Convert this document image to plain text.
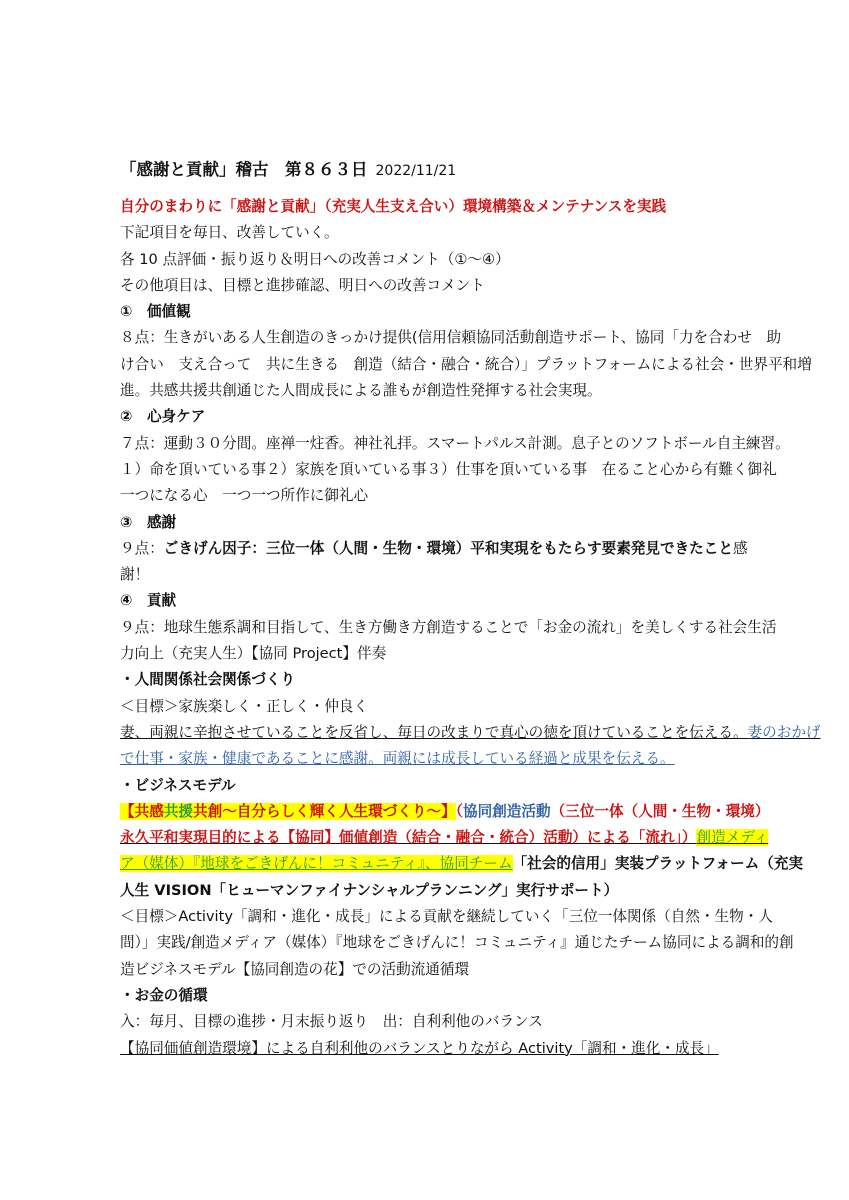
「感謝と貢献」稽古　第８６３日 2022/11/21
自分のまわりに「感謝と貢献」（充実人生支え合い）環境構築＆メンテナンスを実践
下記項目を毎日、改善していく。
各 10 点評価・振り返り＆明日への改善コメント（①～④）
その他項目は、目標と進捗確認、明日への改善コメント
①　価値観
８点：生きがいある人生創造のきっかけ提供(信用信頼協同活動創造サポート、協同「力を合わせ　助
け合い　支え合って　共に生きる　創造（結合・融合・統合）」プラットフォームによる社会・世界平和増
進。共感共援共創通じた人間成長による誰もが創造性発揮する社会実現。
②　心身ケア
７点：運動３０分間。座禅一炷香。神社礼拝。スマートパルス計測。息子とのソフトボール自主練習。
１）命を頂いている事２）家族を頂いている事３）仕事を頂いている事　在ること心から有難く御礼
一つになる心　一つ一つ所作に御礼心
③　感謝
９点：ごきげん因子：三位一体（人間・生物・環境）平和実現をもたらす要素発見できたこと感
謝！
④　貢献
９点：地球生態系調和目指して、生き方働き方創造することで「お金の流れ」を美しくする社会生活
力向上（充実人生）【協同 Project】伴奏
・人間関係社会関係づくり
＜目標＞家族楽しく・正しく・仲良く
妻、両親に辛抱させていることを反省し、毎日の改まりで真心の徳を頂けていることを伝える。妻のおかげ
で仕事・家族・健康であることに感謝。両親には成長している経過と成果を伝える。
・ビジネスモデル
【共感共援共創～自分らしく輝く人生環づくり～】（協同創造活動（三位一体（人間・生物・環境）
永久平和実現目的による【協同】価値創造（結合・融合・統合）活動）による「流れ」）創造メディ
ア（媒体）『地球をごきげんに！コミュニティ』、協同チーム「社会的信用」実装プラットフォーム（充実
人生 VISION「ヒューマンファイナンシャルプランニング」実行サポート）
＜目標＞Activity「調和・進化・成長」による貢献を継続していく「三位一体関係（自然・生物・人
間）」実践/創造メディア（媒体）『地球をごきげんに！コミュニティ』通じたチーム協同による調和的創
造ビジネスモデル【協同創造の花】での活動流通循環
・お金の循環
入：毎月、目標の進捗・月末振り返り　出：自利利他のバランス
【協同価値創造環境】による自利利他のバランスとりながら Activity「調和・進化・成長」
